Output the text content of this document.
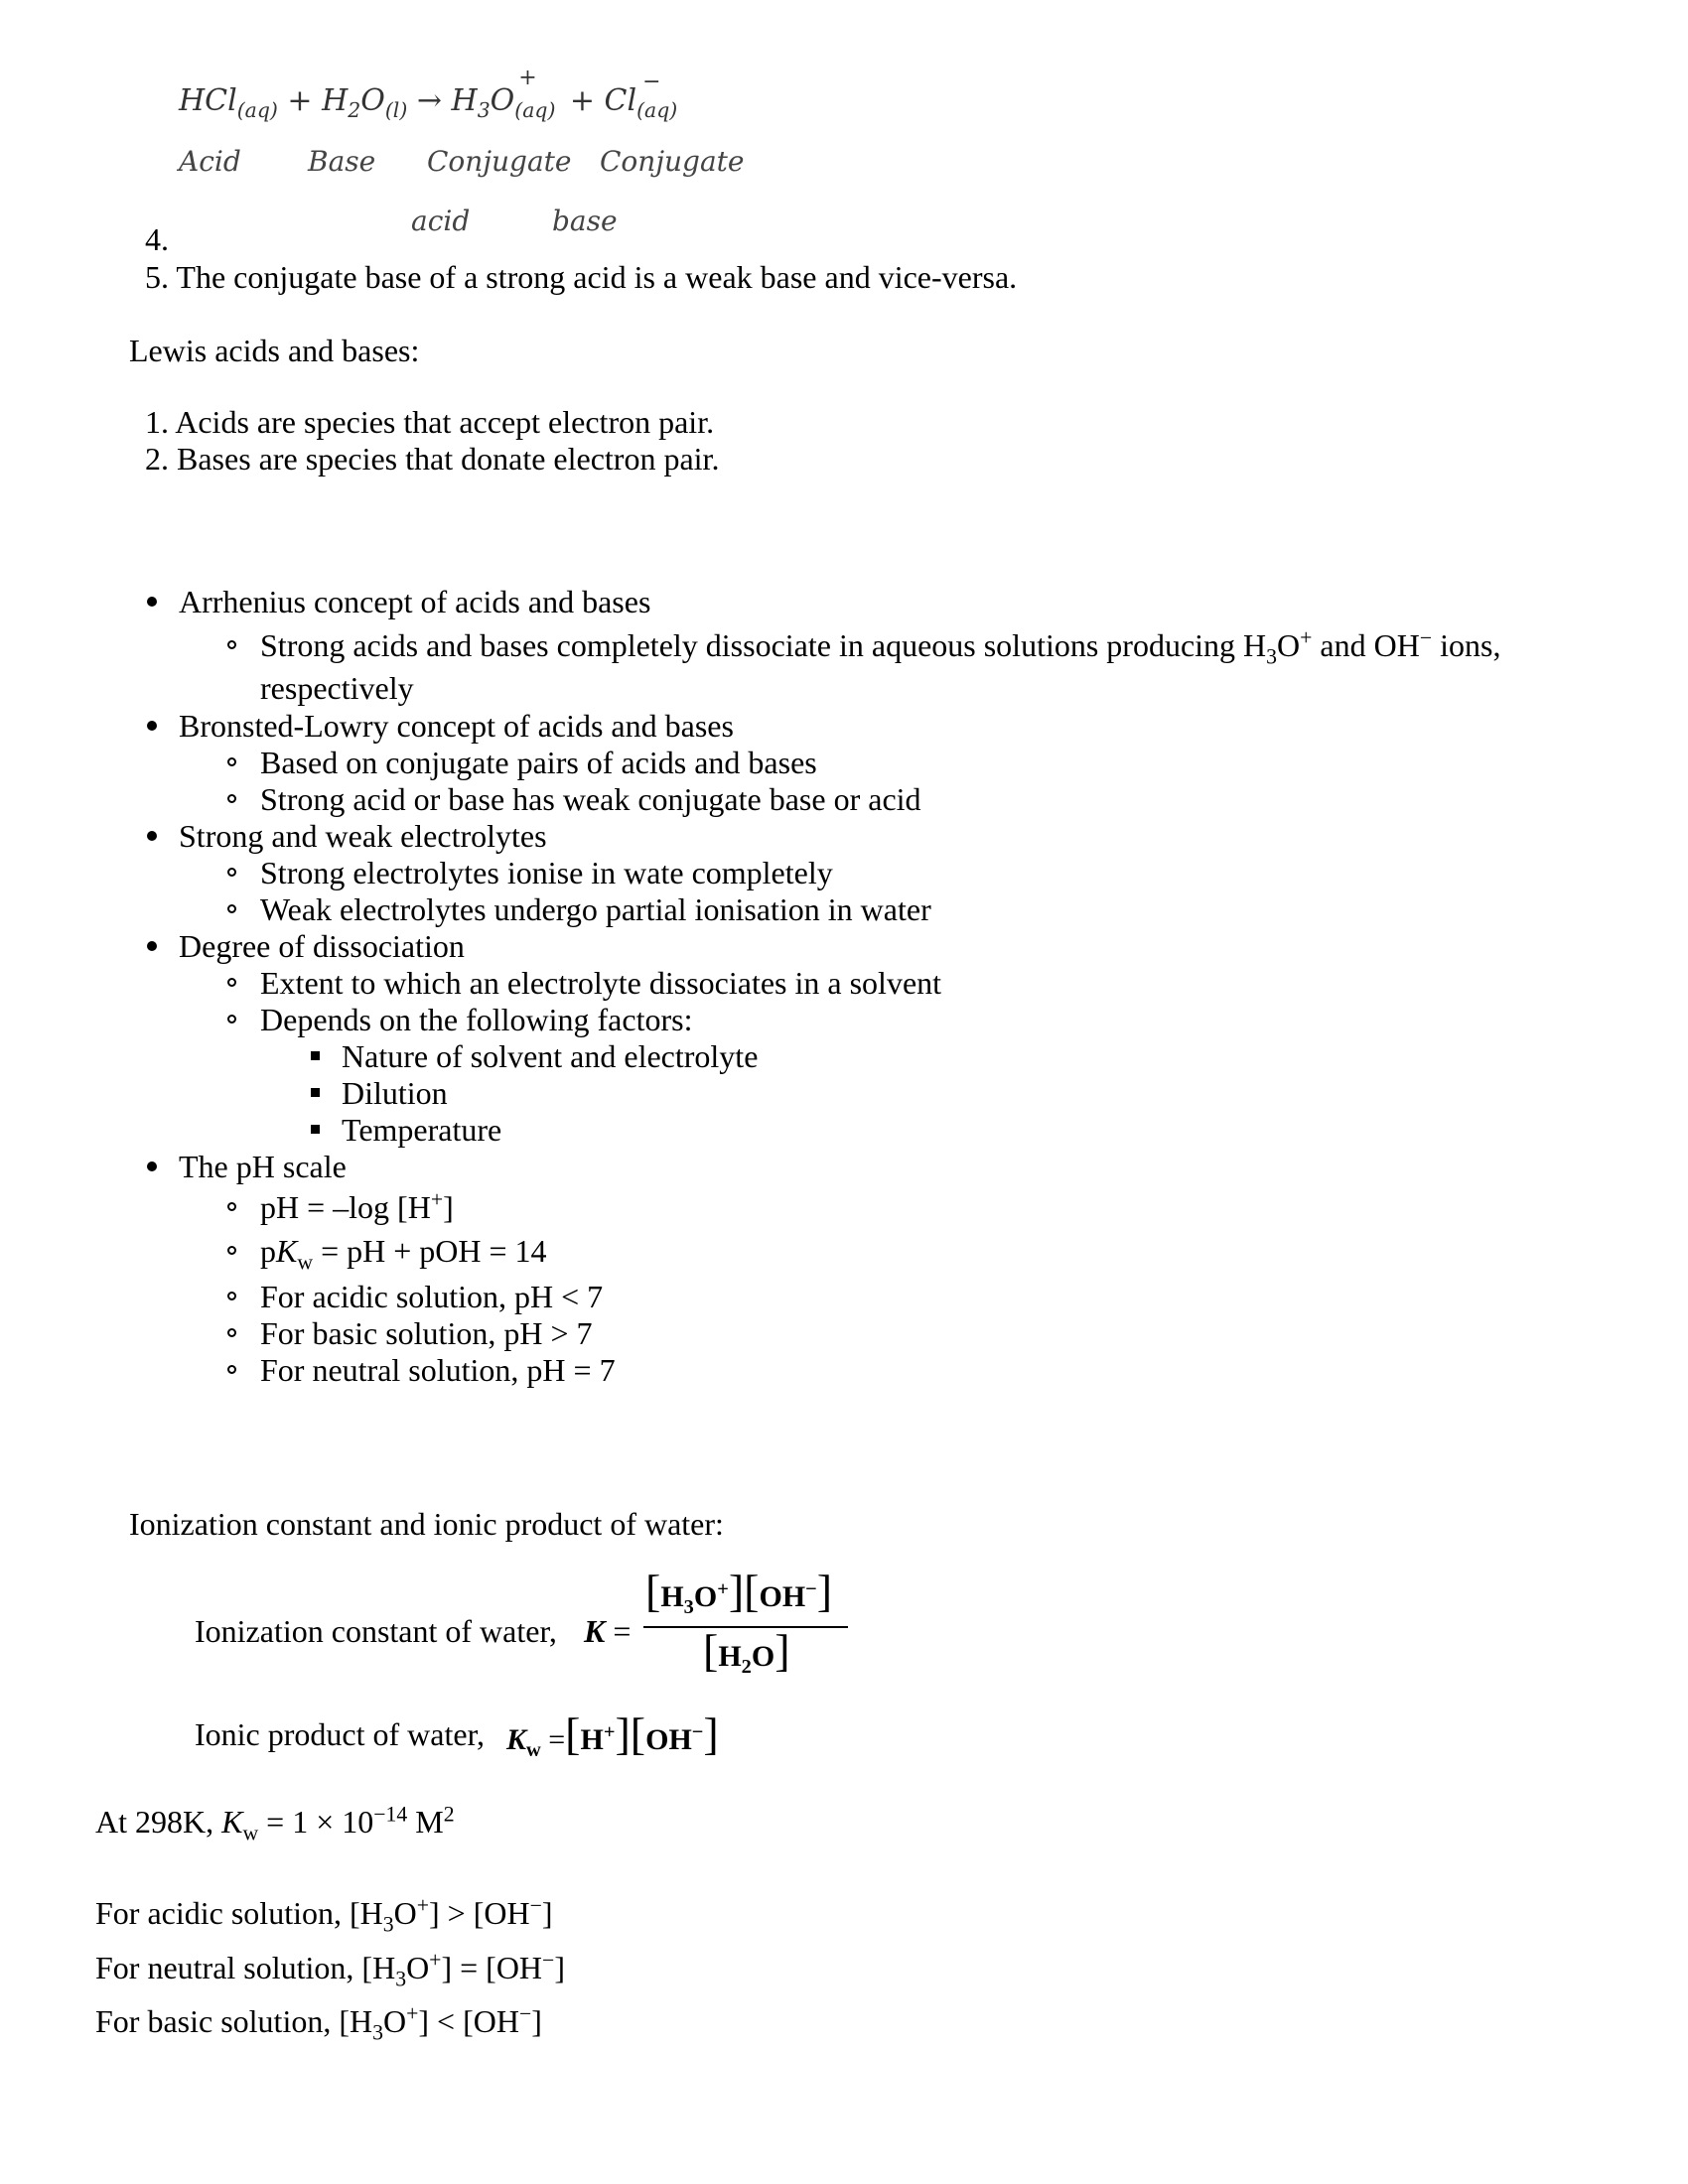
$HCl_{(aq)} + H_2O_{(l)} \to H_3O$
+
$_{(aq)}$ + Cl
−
$_{(aq)}$
Acid Base Conjugate Conjugate
acid	base
4.
5. The conjugate base of a strong acid is a weak base and vice-versa.
Lewis acids and bases:
1. Acids are species that accept electron pair.
2. Bases are species that donate electron pair.
Arrhenius concept of acids and bases
Strong acids and bases completely dissociate in aqueous solutions producing $H_3O^+$ and OH− ions,
respectively
Bronsted-Lowry concept of acids and bases
Based on conjugate pairs of acids and bases
Strong acid or base has weak conjugate base or acid
Strong and weak electrolytes
Strong electrolytes ionise in wate completely
Weak electrolytes undergo partial ionisation in water
Degree of dissociation
Extent to which an electrolyte dissociates in a solvent
Depends on the following factors:
Nature of solvent and electrolyte
Dilution
Temperature
The pH scale
pH = –log [H+]
$pK_w$ = pH + pOH = 14
For acidic solution, pH < 7
For basic solution, pH > 7
For neutral solution, pH = 7
Ionization constant and ionic product of water:
Ionization constant of water, K =
$[H_3O^+][OH^-]$
$[H_2O]$
Ionic product of water, $K_w =[H^+][OH^-]$
At 298K, $K_w = 1 \times 10^{-14}$ $M^2$
For acidic solution, $[H_3O^+] > [OH^-]$
For neutral solution, $[H_3O^+] = [OH^-]$
For basic solution, $[H_3O^+] < [OH^-]$
